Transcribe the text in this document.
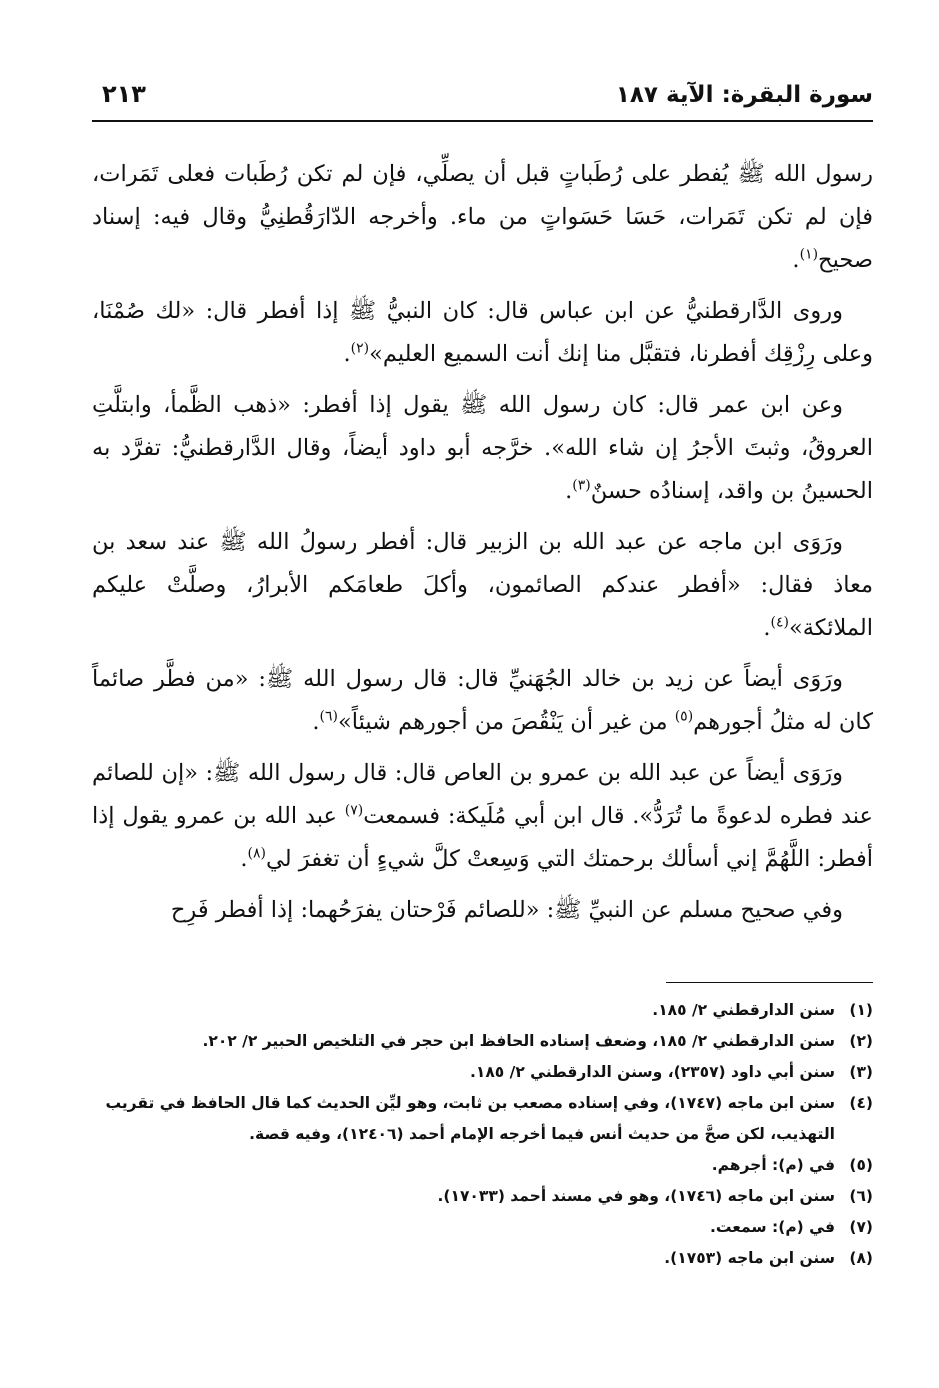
سورة البقرة: الآية ١٨٧
٢١٣

رسول الله ﷺ يُفطر على رُطَباتٍ قبل أن يصلِّي، فإن لم تكن رُطَبات فعلى تَمَرات، فإن لم تكن تَمَرات، حَسَا حَسَواتٍ من ماء. وأخرجه الدّارَقُطنِيُّ وقال فيه: إسناد صحيح$^{(١)}$.

وروى الدَّارقطنيُّ عن ابن عباس قال: كان النبيُّ ﷺ إذا أفطر قال: «لك صُمْنَا، وعلى رِزْقِك أفطرنا، فتقبَّل منا إنك أنت السميع العليم»$^{(٢)}$.

وعن ابن عمر قال: كان رسول الله ﷺ يقول إذا أفطر: «ذهب الظَّمأ، وابتلَّتِ العروقُ، وثبتَ الأجرُ إن شاء الله». خرَّجه أبو داود أيضاً، وقال الدَّارقطنيُّ: تفرَّد به الحسينُ بن واقد، إسنادُه حسنٌ$^{(٣)}$.

ورَوَى ابن ماجه عن عبد الله بن الزبير قال: أفطر رسولُ الله ﷺ عند سعد بن معاذ فقال: «أفطر عندكم الصائمون، وأكلَ طعامَكم الأبرارُ، وصلَّتْ عليكم الملائكة»$^{(٤)}$.

ورَوَى أيضاً عن زيد بن خالد الجُهَنيِّ قال: قال رسول الله ﷺ: «من فطَّر صائماً كان له مثلُ أجورهم$^{(٥)}$ من غير أن يَنْقُصَ من أجورهم شيئاً»$^{(٦)}$.

ورَوَى أيضاً عن عبد الله بن عمرو بن العاص قال: قال رسول الله ﷺ: «إن للصائم عند فطره لدعوةً ما تُرَدُّ». قال ابن أبي مُلَيكة: فسمعت$^{(٧)}$ عبد الله بن عمرو يقول إذا أفطر: اللَّهُمَّ إني أسألك برحمتك التي وَسِعتْ كلَّ شيءٍ أن تغفرَ لي$^{(٨)}$.

وفي صحيح مسلم عن النبيِّ ﷺ: «للصائم فَرْحتان يفرَحُهما: إذا أفطر فَرِح

(١)
سنن الدارقطني ٢/ ١٨٥.
(٢)
سنن الدارقطني ٢/ ١٨٥، وضعف إسناده الحافظ ابن حجر في التلخيص الحبير ٢/ ٢٠٢.
(٣)
سنن أبي داود (٢٣٥٧)، وسنن الدارقطني ٢/ ١٨٥.
(٤)
سنن ابن ماجه (١٧٤٧)، وفي إسناده مصعب بن ثابت، وهو ليِّن الحديث كما قال الحافظ في تقريب التهذيب، لكن صحَّ من حديث أنس فيما أخرجه الإمام أحمد (١٢٤٠٦)، وفيه قصة.
(٥)
في (م): أجرهم.
(٦)
سنن ابن ماجه (١٧٤٦)، وهو في مسند أحمد (١٧٠٣٣).
(٧)
في (م): سمعت.
(٨)
سنن ابن ماجه (١٧٥٣).
